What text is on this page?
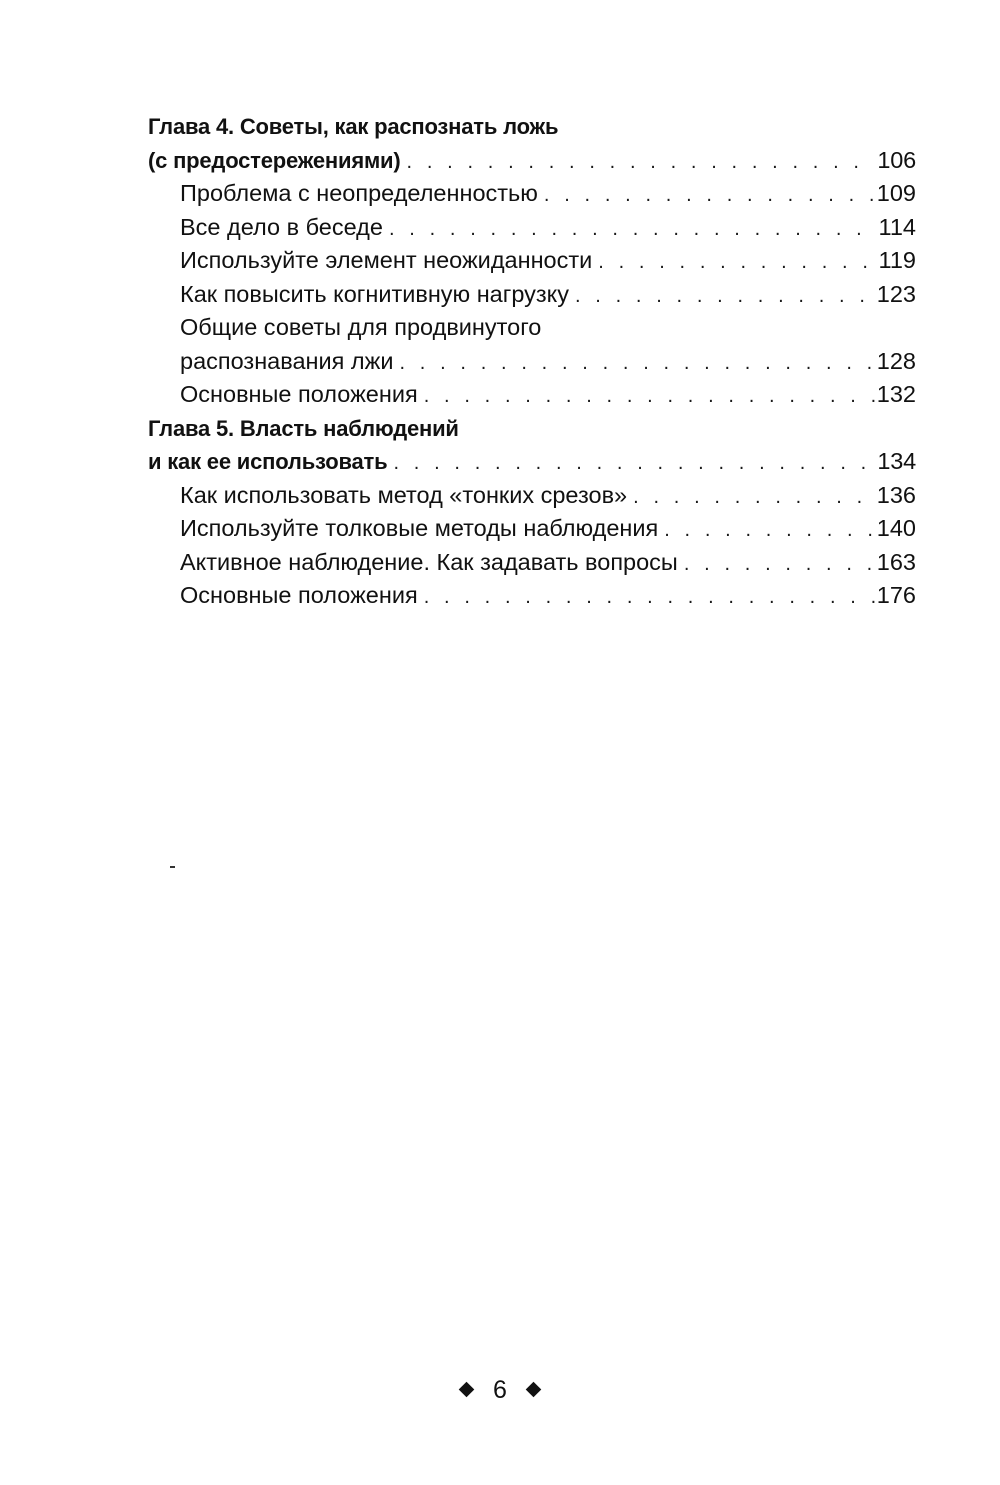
Глава 4. Советы, как распознать ложь
(с предостережениями) . . .	106
Проблема с неопределенностью . . .	109
Все дело в беседе . . .	114
Используйте элемент неожиданности . . .	119
Как повысить когнитивную нагрузку . . .	123
Общие советы для продвинутого
распознавания лжи . . .	128
Основные положения . . .	132
Глава 5. Власть наблюдений
и как ее использовать . . .	134
Как использовать метод «тонких срезов» . . .	136
Используйте толковые методы наблюдения . . .	140
Активное наблюдение. Как задавать вопросы . . .	163
Основные положения . . .	176
6
